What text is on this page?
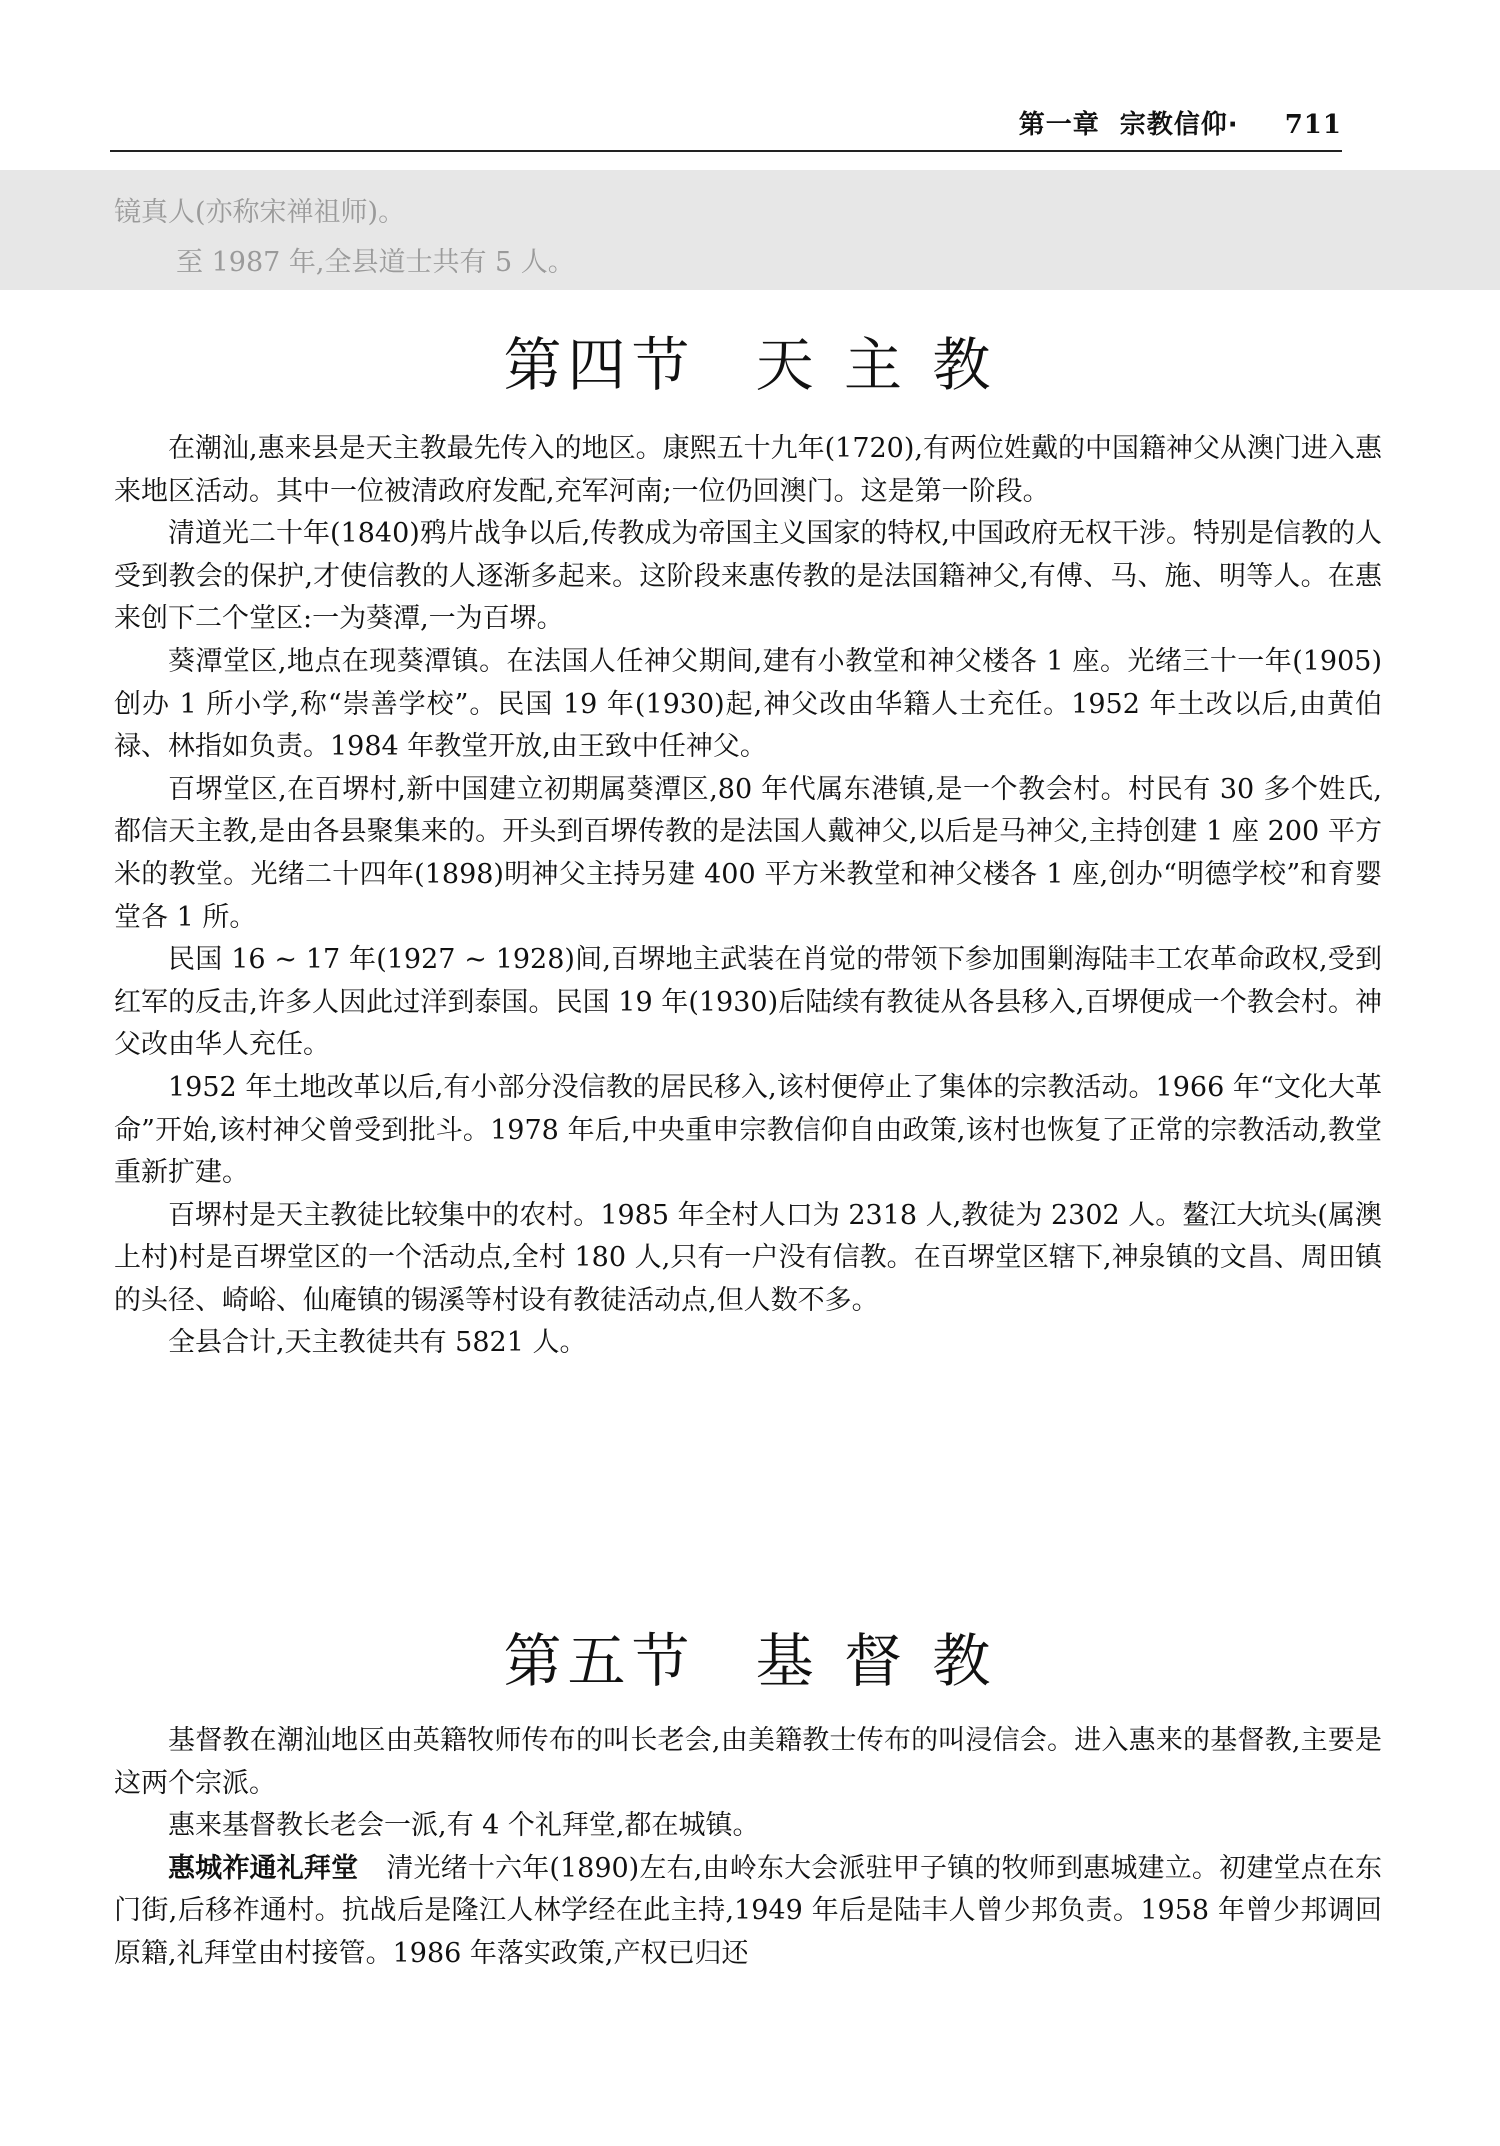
第一章 宗教信仰· 711

镜真人(亦称宋禅祖师)。

至 1987 年,全县道士共有 5 人。

第四节 天 主 教

在潮汕,惠来县是天主教最先传入的地区。康熙五十九年(1720),有两位姓戴的中国籍神父从澳门进入惠来地区活动。其中一位被清政府发配,充军河南;一位仍回澳门。这是第一阶段。

清道光二十年(1840)鸦片战争以后,传教成为帝国主义国家的特权,中国政府无权干涉。特别是信教的人受到教会的保护,才使信教的人逐渐多起来。这阶段来惠传教的是法国籍神父,有傅、马、施、明等人。在惠来创下二个堂区:一为葵潭,一为百堺。

葵潭堂区,地点在现葵潭镇。在法国人任神父期间,建有小教堂和神父楼各 1 座。光绪三十一年(1905)创办 1 所小学,称“崇善学校”。民国 19 年(1930)起,神父改由华籍人士充任。1952 年土改以后,由黄伯禄、林指如负责。1984 年教堂开放,由王致中任神父。

百堺堂区,在百堺村,新中国建立初期属葵潭区,80 年代属东港镇,是一个教会村。村民有 30 多个姓氏,都信天主教,是由各县聚集来的。开头到百堺传教的是法国人戴神父,以后是马神父,主持创建 1 座 200 平方米的教堂。光绪二十四年(1898)明神父主持另建 400 平方米教堂和神父楼各 1 座,创办“明德学校”和育婴堂各 1 所。

民国 16 ~ 17 年(1927 ~ 1928)间,百堺地主武装在肖觉的带领下参加围剿海陆丰工农革命政权,受到红军的反击,许多人因此过洋到泰国。民国 19 年(1930)后陆续有教徒从各县移入,百堺便成一个教会村。神父改由华人充任。

1952 年土地改革以后,有小部分没信教的居民移入,该村便停止了集体的宗教活动。1966 年“文化大革命”开始,该村神父曾受到批斗。1978 年后,中央重申宗教信仰自由政策,该村也恢复了正常的宗教活动,教堂重新扩建。

百堺村是天主教徒比较集中的农村。1985 年全村人口为 2318 人,教徒为 2302 人。鳌江大坑头(属澳上村)村是百堺堂区的一个活动点,全村 180 人,只有一户没有信教。在百堺堂区辖下,神泉镇的文昌、周田镇的头径、崎峪、仙庵镇的锡溪等村设有教徒活动点,但人数不多。

全县合计,天主教徒共有 5821 人。

第五节 基 督 教

基督教在潮汕地区由英籍牧师传布的叫长老会,由美籍教士传布的叫浸信会。进入惠来的基督教,主要是这两个宗派。

惠来基督教长老会一派,有 4 个礼拜堂,都在城镇。

惠城祚通礼拜堂 清光绪十六年(1890)左右,由岭东大会派驻甲子镇的牧师到惠城建立。初建堂点在东门街,后移祚通村。抗战后是隆江人林学经在此主持,1949 年后是陆丰人曾少邦负责。1958 年曾少邦调回原籍,礼拜堂由村接管。1986 年落实政策,产权已归还
